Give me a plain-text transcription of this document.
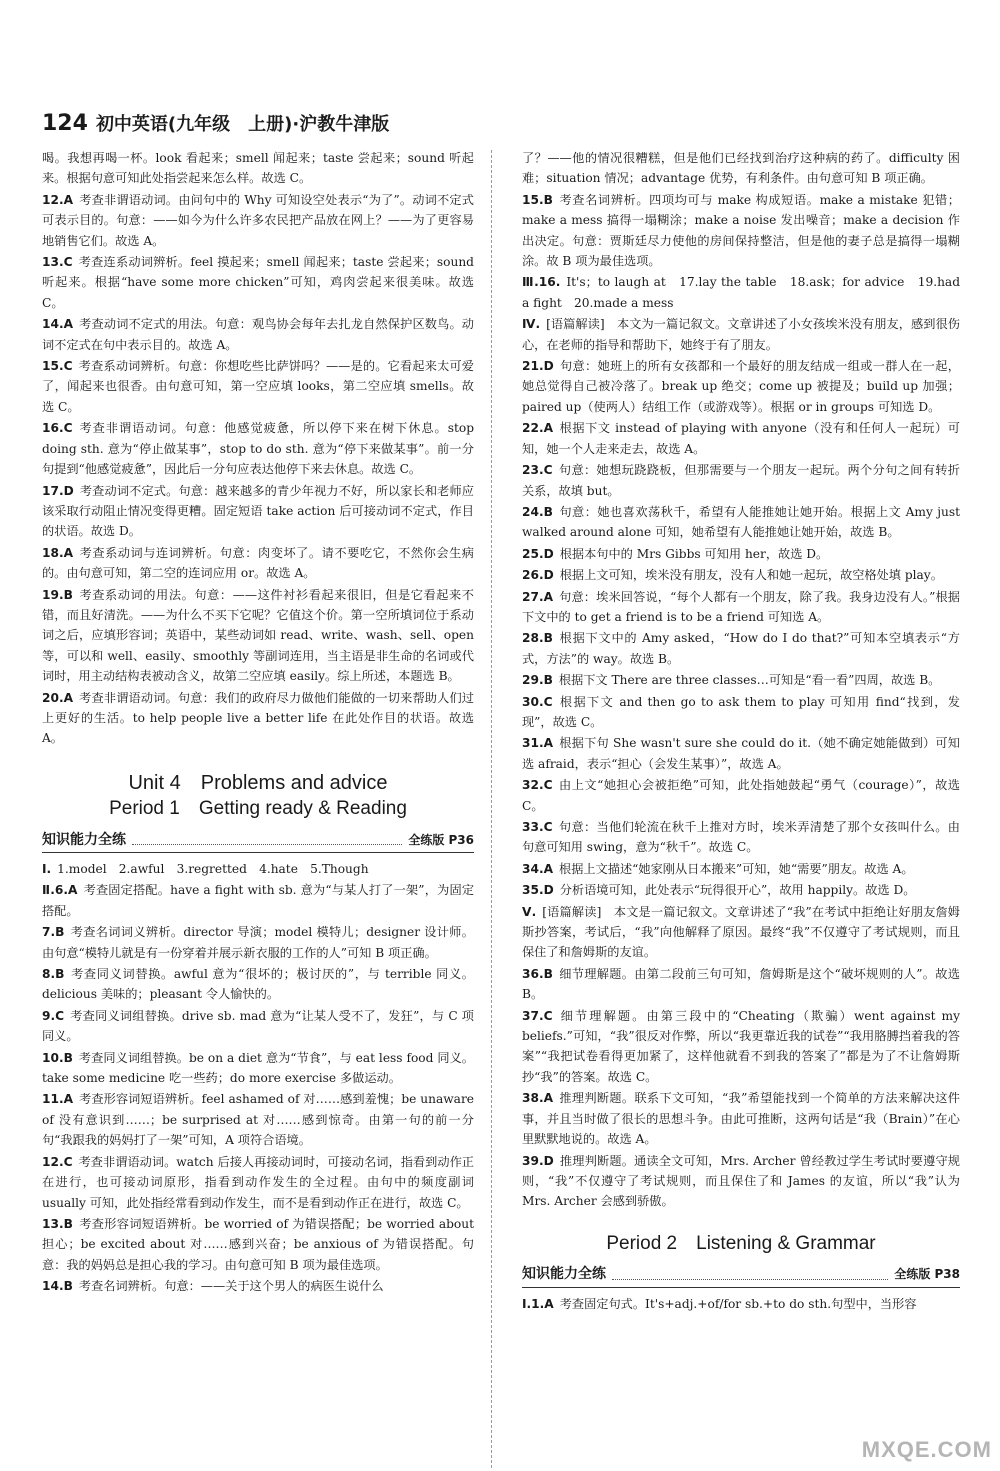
124 初中英语(九年级　上册)·沪教牛津版
喝。我想再喝一杯。look 看起来；smell 闻起来；taste 尝起来；sound 听起来。根据句意可知此处指尝起来怎么样。故选 C。
12.A 考查非谓语动词。由问句中的 Why 可知设空处表示“为了”。动词不定式可表示目的。句意：——如今为什么许多农民把产品放在网上？——为了更容易地销售它们。故选 A。
13.C 考查连系动词辨析。feel 摸起来；smell 闻起来；taste 尝起来；sound 听起来。根据“have some more chicken”可知，鸡肉尝起来很美味。故选 C。
14.A 考查动词不定式的用法。句意：观鸟协会每年去扎龙自然保护区数鸟。动词不定式在句中表示目的。故选 A。
15.C 考查系动词辨析。句意：你想吃些比萨饼吗？——是的。它看起来太可爱了，闻起来也很香。由句意可知，第一空应填 looks，第二空应填 smells。故选 C。
16.C 考查非谓语动词。句意：他感觉疲惫，所以停下来在树下休息。stop doing sth. 意为“停止做某事”，stop to do sth. 意为“停下来做某事”。前一分句提到“他感觉疲惫”，因此后一分句应表达他停下来去休息。故选 C。
17.D 考查动词不定式。句意：越来越多的青少年视力不好，所以家长和老师应该采取行动阻止情况变得更糟。固定短语 take action 后可接动词不定式，作目的状语。故选 D。
18.A 考查系动词与连词辨析。句意：肉变坏了。请不要吃它，不然你会生病的。由句意可知，第二空的连词应用 or。故选 A。
19.B 考查系动词的用法。句意：——这件衬衫看起来很旧，但是它看起来不错，而且好清洗。——为什么不买下它呢？它值这个价。第一空所填词位于系动词之后，应填形容词；英语中，某些动词如 read、write、wash、sell、open 等，可以和 well、easily、smoothly 等副词连用，当主语是非生命的名词或代词时，用主动结构表被动含义，故第二空应填 easily。综上所述，本题选 B。
20.A 考查非谓语动词。句意：我们的政府尽力做他们能做的一切来帮助人们过上更好的生活。to help people live a better life 在此处作目的状语。故选 A。
Unit 4　Problems and advice
Period 1　Getting ready & Reading
知识能力全练	全练版 P36
Ⅰ. 1.model　2.awful　3.regretted　4.hate　5.Though
Ⅱ.6.A 考查固定搭配。have a fight with sb. 意为“与某人打了一架”，为固定搭配。
7.B 考查名词词义辨析。director 导演；model 模特儿；designer 设计师。由句意“模特儿就是有一份穿着并展示新衣服的工作的人”可知 B 项正确。
8.B 考查同义词替换。awful 意为“很坏的；极讨厌的”，与 terrible 同义。delicious 美味的；pleasant 令人愉快的。
9.C 考查同义词组替换。drive sb. mad 意为“让某人受不了，发狂”，与 C 项同义。
10.B 考查同义词组替换。be on a diet 意为“节食”，与 eat less food 同义。take some medicine 吃一些药；do more exercise 多做运动。
11.A 考查形容词短语辨析。feel ashamed of 对……感到羞愧；be unaware of 没有意识到……；be surprised at 对……感到惊奇。由第一句的前一分句“我跟我的妈妈打了一架”可知，A 项符合语境。
12.C 考查非谓语动词。watch 后接人再接动词时，可接动名词，指看到动作正在进行，也可接动词原形，指看到动作发生的全过程。由句中的频度副词 usually 可知，此处指经常看到动作发生，而不是看到动作正在进行，故选 C。
13.B 考查形容词短语辨析。be worried of 为错误搭配；be worried about 担心；be excited about 对……感到兴奋；be anxious of 为错误搭配。句意：我的妈妈总是担心我的学习。由句意可知 B 项为最佳选项。
14.B 考查名词辨析。句意：——关于这个男人的病医生说什么
了？——他的情况很糟糕，但是他们已经找到治疗这种病的药了。difficulty 困难；situation 情况；advantage 优势，有利条件。由句意可知 B 项正确。
15.B 考查名词辨析。四项均可与 make 构成短语。make a mistake 犯错；make a mess 搞得一塌糊涂；make a noise 发出噪音；make a decision 作出决定。句意：贾斯廷尽力使他的房间保持整洁，但是他的妻子总是搞得一塌糊涂。故 B 项为最佳选项。
Ⅲ.16. It's；to laugh at　17.lay the table　18.ask；for advice　19.had a fight　20.made a mess
Ⅳ. [语篇解读]　本文为一篇记叙文。文章讲述了小女孩埃米没有朋友，感到很伤心，在老师的指导和帮助下，她终于有了朋友。
21.D 句意：她班上的所有女孩都和一个最好的朋友结成一组或一群人在一起，她总觉得自己被冷落了。break up 绝交；come up 被提及；build up 加强；paired up（使两人）结组工作（或游戏等）。根据 or in groups 可知选 D。
22.A 根据下文 instead of playing with anyone（没有和任何人一起玩）可知，她一个人走来走去，故选 A。
23.C 句意：她想玩跷跷板，但那需要与一个朋友一起玩。两个分句之间有转折关系，故填 but。
24.B 句意：她也喜欢荡秋千，希望有人能推她让她开始。根据上文 Amy just walked around alone 可知，她希望有人能推她让她开始，故选 B。
25.D 根据本句中的 Mrs Gibbs 可知用 her，故选 D。
26.D 根据上文可知，埃米没有朋友，没有人和她一起玩，故空格处填 play。
27.A 句意：埃米回答说，“每个人都有一个朋友，除了我。我身边没有人。”根据下文中的 to get a friend is to be a friend 可知选 A。
28.B 根据下文中的 Amy asked，“How do I do that?”可知本空填表示“方式，方法”的 way。故选 B。
29.B 根据下文 There are three classes…可知是“看一看”四周，故选 B。
30.C 根据下文 and then go to ask them to play 可知用 find“找到，发现”，故选 C。
31.A 根据下句 She wasn't sure she could do it.（她不确定她能做到）可知选 afraid，表示“担心（会发生某事）”，故选 A。
32.C 由上文“她担心会被拒绝”可知，此处指她鼓起“勇气（courage）”，故选 C。
33.C 句意：当他们轮流在秋千上推对方时，埃米弄清楚了那个女孩叫什么。由句意可知用 swing，意为“秋千”。故选 C。
34.A 根据上文描述“她家刚从日本搬来”可知，她“需要”朋友。故选 A。
35.D 分析语境可知，此处表示“玩得很开心”，故用 happily。故选 D。
Ⅴ. [语篇解读]　本文是一篇记叙文。文章讲述了“我”在考试中拒绝让好朋友詹姆斯抄答案，考试后，“我”向他解释了原因。最终“我”不仅遵守了考试规则，而且保住了和詹姆斯的友谊。
36.B 细节理解题。由第二段前三句可知，詹姆斯是这个“破坏规则的人”。故选 B。
37.C 细节理解题。由第三段中的“Cheating（欺骗）went against my beliefs.”可知，“我”很反对作弊，所以“我更靠近我的试卷”“我用胳膊挡着我的答案”“我把试卷看得更加紧了，这样他就看不到我的答案了”都是为了不让詹姆斯抄“我”的答案。故选 C。
38.A 推理判断题。联系下文可知，“我”希望能找到一个简单的方法来解决这件事，并且当时做了很长的思想斗争。由此可推断，这两句话是“我（Brain）”在心里默默地说的。故选 A。
39.D 推理判断题。通读全文可知，Mrs. Archer 曾经教过学生考试时要遵守规则，“我”不仅遵守了考试规则，而且保住了和 James 的友谊，所以“我”认为 Mrs. Archer 会感到骄傲。
Period 2　Listening & Grammar
知识能力全练	全练版 P38
Ⅰ.1.A 考查固定句式。It's+adj.+of/for sb.+to do sth.句型中，当形容
MXQE.COM
